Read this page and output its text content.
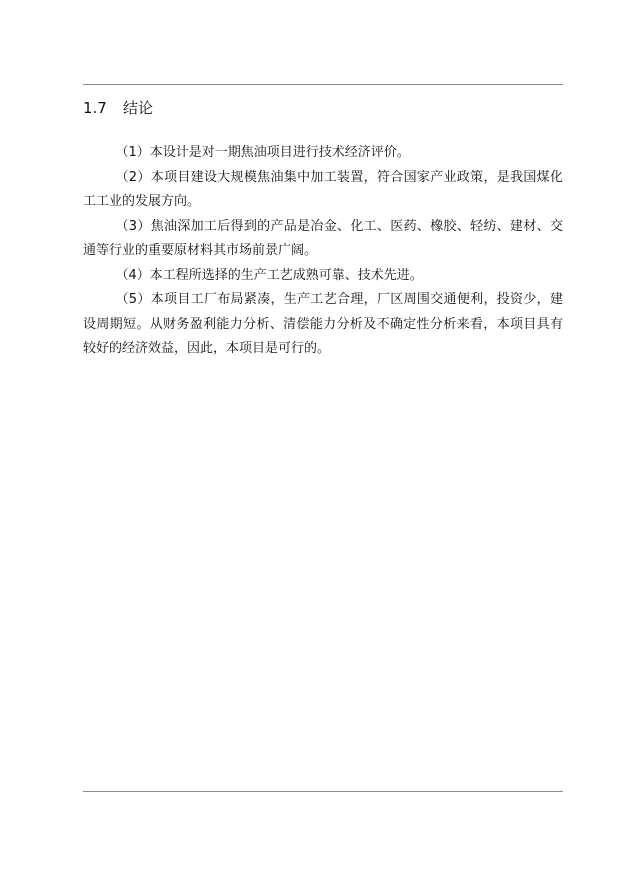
1.7 结论

（1）本设计是对一期焦油项目进行技术经济评价。

（2）本项目建设大规模焦油集中加工装置，符合国家产业政策，是我国煤化工工业的发展方向。

（3）焦油深加工后得到的产品是冶金、化工、医药、橡胶、轻纺、建材、交通等行业的重要原材料其市场前景广阔。

（4）本工程所选择的生产工艺成熟可靠、技术先进。

（5）本项目工厂布局紧凑，生产工艺合理，厂区周围交通便利，投资少，建设周期短。从财务盈利能力分析、清偿能力分析及不确定性分析来看，本项目具有较好的经济效益，因此，本项目是可行的。
